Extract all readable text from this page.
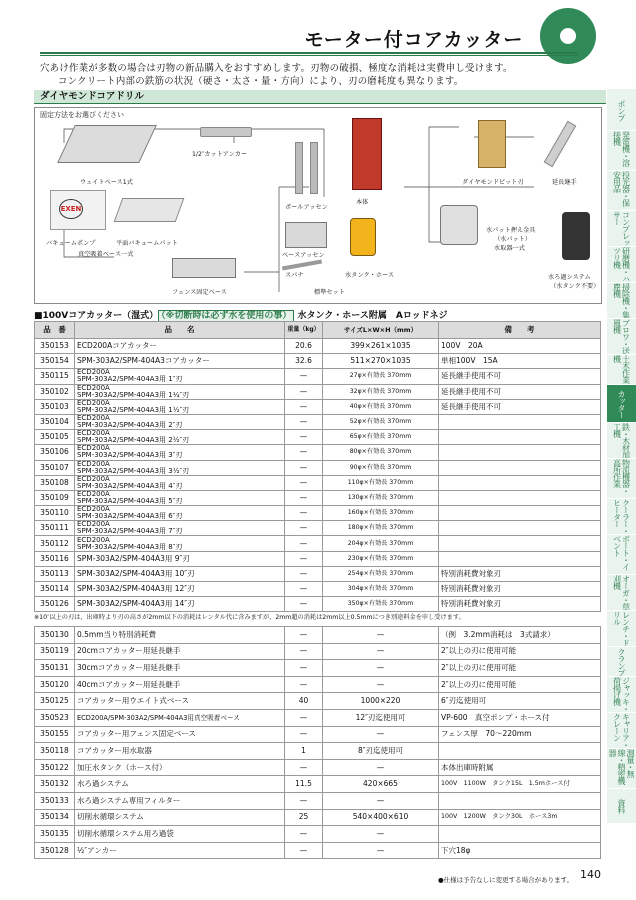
モーター付コアカッター
穴あけ作業が多数の場合は刃物の新品購入をおすすめします。刃物の破損、極度な消耗は実費申し受けます。
コンクリート内部の鉄筋の状況（硬さ・太さ・量・方向）により、刃の磨耗度も異なります。
ダイヤモンドコアドリル
固定方法をお選びください
ウェイトベース1式
1/2″カットアンカー
EXEN
バキュームポンプ	平面バキュームパット
真空吸着ベース一式
フェンス固定ベース
ポールアッセン
ベースアッセン
スパナ
本体
水タンク・ホース
標準セット
ダイヤモンドビット刃	延長継手
水パット押え金具
（水パット）
水取器一式
水ろ過システム
（水タンク不要）
■100Vコアカッター（湿式） （※切断時は必ず水を使用の事） 水タンク・ホース附属　Aロッドネジ
品　番	品　　名	重量（kg）	サイズL×W×H（mm）	備　　考
350153	ECD200Aコアカッター	20.6	399×261×1035	100V　20A
350154	SPM-303A2/SPM-404A3コアカッター	32.6	511×270×1035	単相100V　15A
350115	ECD200A
SPM-303A2/SPM-404A3用 1″刃	—	27φ×有効長 370mm	延長継手使用不可
350102	ECD200A
SPM-303A2/SPM-404A3用 1¼″刃	—	32φ×有効長 370mm	延長継手使用不可
350103	ECD200A
SPM-303A2/SPM-404A3用 1½″刃	—	40φ×有効長 370mm	延長継手使用不可
350104	ECD200A
SPM-303A2/SPM-404A3用 2″刃	—	52φ×有効長 370mm	
350105	ECD200A
SPM-303A2/SPM-404A3用 2½″刃	—	65φ×有効長 370mm	
350106	ECD200A
SPM-303A2/SPM-404A3用 3″刃	—	80φ×有効長 370mm	
350107	ECD200A
SPM-303A2/SPM-404A3用 3½″刃	—	90φ×有効長 370mm	
350108	ECD200A
SPM-303A2/SPM-404A3用 4″刃	—	110φ×有効長 370mm	
350109	ECD200A
SPM-303A2/SPM-404A3用 5″刃	—	130φ×有効長 370mm	
350110	ECD200A
SPM-303A2/SPM-404A3用 6″刃	—	160φ×有効長 370mm	
350111	ECD200A
SPM-303A2/SPM-404A3用 7″刃	—	180φ×有効長 370mm	
350112	ECD200A
SPM-303A2/SPM-404A3用 8″刃	—	204φ×有効長 370mm	
350116	SPM-303A2/SPM-404A3用 9″刃	—	230φ×有効長 370mm	
350113	SPM-303A2/SPM-404A3用 10″刃	—	254φ×有効長 370mm	特別消耗費対象刃
350114	SPM-303A2/SPM-404A3用 12″刃	—	304φ×有効長 370mm	特別消耗費対象刃
350126	SPM-303A2/SPM-404A3用 14″刃	—	350φ×有効長 370mm	特別消耗費対象刃
※10″以上の刃は，出庫時より刃の高さが2mm以下の消耗はレンタル代に含みますが，2mm超の消耗は2mm以上0.5mmにつき別途料金を申し受けます。
350130	0.5mm当り特別消耗費	—	—	（例　3.2mm消耗は　3式請求）
350119	20cmコアカッター用延長継手	—	—	2″以上の刃に使用可能
350131	30cmコアカッター用延長継手	—	—	2″以上の刃に使用可能
350120	40cmコアカッター用延長継手	—	—	2″以上の刃に使用可能
350125	コアカッター用ウエイト式ベース	40	1000×220	6″刃迄使用可
350523	ECD200A/SPM-303A2/SPM-404A3用真空吸着ベース	—	12″刃迄使用可	VP-600　真空ポンプ・ホース付
350155	コアカッター用フェンス固定ベース	—	—	フェンス厚　70〜220mm
350118	コアカッター用水取器	1	8″刃迄使用可	
350122	加圧水タンク（ホース付）	—	—	本体出庫時附属
350132	水ろ過システム	11.5	420×665	100V　1100W　タンク15L　1.5mホース付
350133	水ろ過システム専用フィルター	—	—	
350134	切削水循環システム	25	540×400×610	100V　1200W　タンク30L　ホース3m
350135	切削水循環システム用ろ過袋	—	—	
350128	½″アンカー	—	—	下穴18φ
●仕様は予告なしに変更する場合があります。 140
ポンプ
発電機・溶接機
投光器・保安用品
コンプレッサー
研磨機・ハツリ機
掃除機・集塵機
ブロワ・送風機
土木作業機
カッター
鉄・木材加工機
物流機器・高所作業
クーラー・ヒーター
ボート・イベント
オーガ・草刈機
レンチ・ドリル
クランプ
ジャッキ・荷揚げ機
キャリア・クレーン
測量・無線・精密機器
資料
